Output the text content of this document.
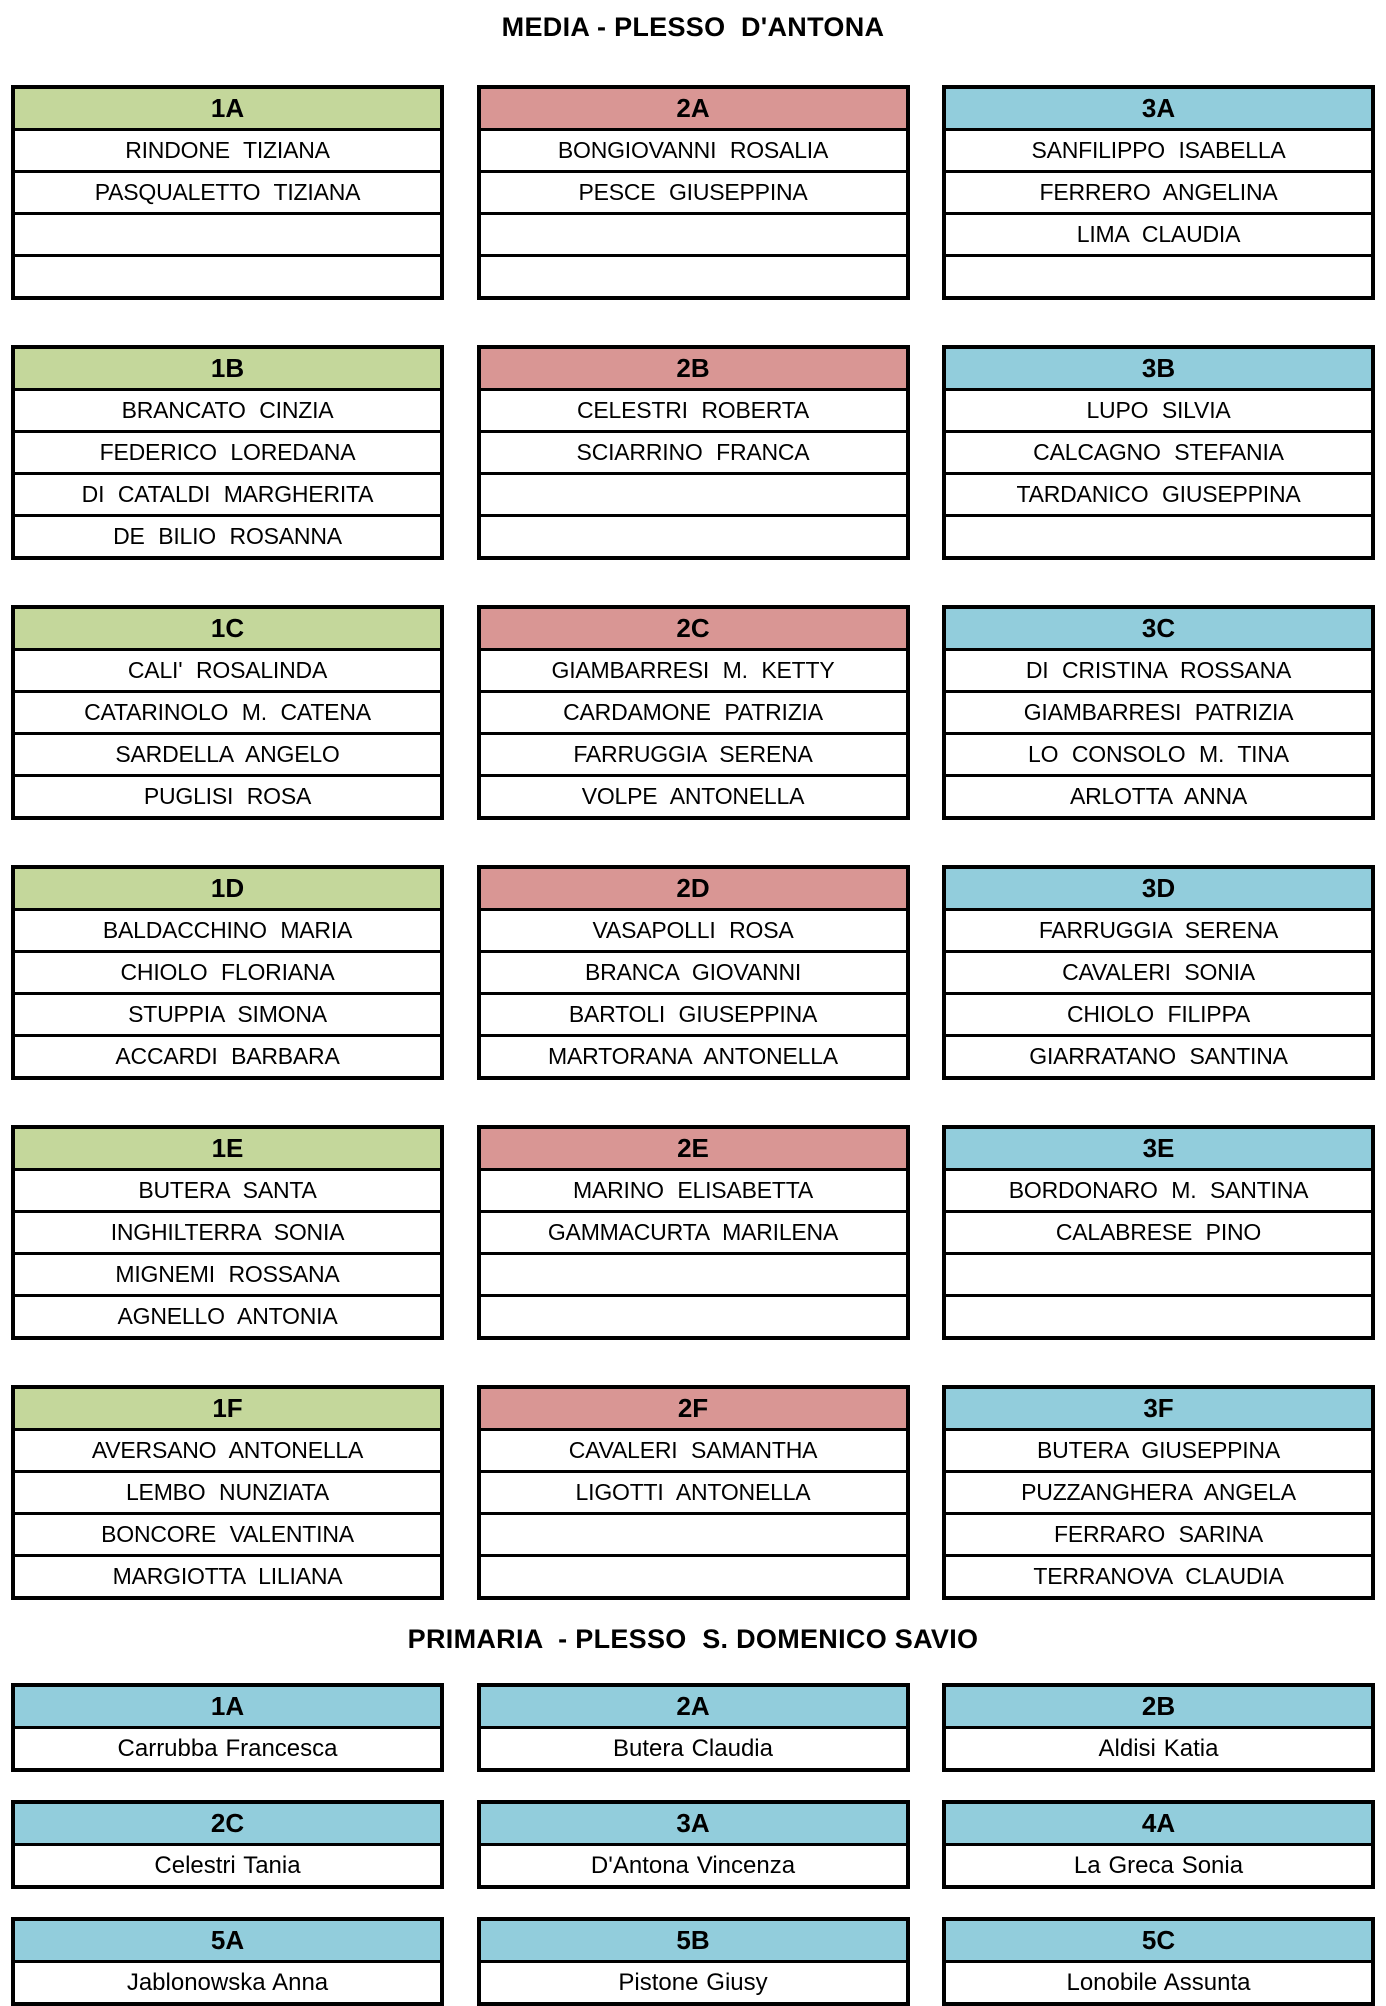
MEDIA - PLESSO  D'ANTONA
1A
RINDONE TIZIANA
PASQUALETTO TIZIANA
2A
BONGIOVANNI ROSALIA
PESCE GIUSEPPINA
3A
SANFILIPPO ISABELLA
FERRERO ANGELINA
LIMA CLAUDIA
1B
BRANCATO CINZIA
FEDERICO LOREDANA
DI CATALDI MARGHERITA
DE BILIO ROSANNA
2B
CELESTRI ROBERTA
SCIARRINO FRANCA
3B
LUPO SILVIA
CALCAGNO STEFANIA
TARDANICO GIUSEPPINA
1C
CALI' ROSALINDA
CATARINOLO M. CATENA
SARDELLA ANGELO
PUGLISI ROSA
2C
GIAMBARRESI M. KETTY
CARDAMONE PATRIZIA
FARRUGGIA SERENA
VOLPE ANTONELLA
3C
DI CRISTINA ROSSANA
GIAMBARRESI PATRIZIA
LO CONSOLO M. TINA
ARLOTTA ANNA
1D
BALDACCHINO MARIA
CHIOLO FLORIANA
STUPPIA SIMONA
ACCARDI BARBARA
2D
VASAPOLLI ROSA
BRANCA GIOVANNI
BARTOLI GIUSEPPINA
MARTORANA ANTONELLA
3D
FARRUGGIA SERENA
CAVALERI SONIA
CHIOLO FILIPPA
GIARRATANO SANTINA
1E
BUTERA SANTA
INGHILTERRA SONIA
MIGNEMI ROSSANA
AGNELLO ANTONIA
2E
MARINO ELISABETTA
GAMMACURTA MARILENA
3E
BORDONARO M. SANTINA
CALABRESE PINO
1F
AVERSANO ANTONELLA
LEMBO NUNZIATA
BONCORE VALENTINA
MARGIOTTA LILIANA
2F
CAVALERI SAMANTHA
LIGOTTI ANTONELLA
3F
BUTERA GIUSEPPINA
PUZZANGHERA ANGELA
FERRARO SARINA
TERRANOVA CLAUDIA
PRIMARIA  - PLESSO  S. DOMENICO SAVIO
1A
Carrubba Francesca
2A
Butera Claudia
2B
Aldisi Katia
2C
Celestri Tania
3A
D'Antona Vincenza
4A
La Greca Sonia
5A
Jablonowska Anna
5B
Pistone Giusy
5C
Lonobile Assunta
